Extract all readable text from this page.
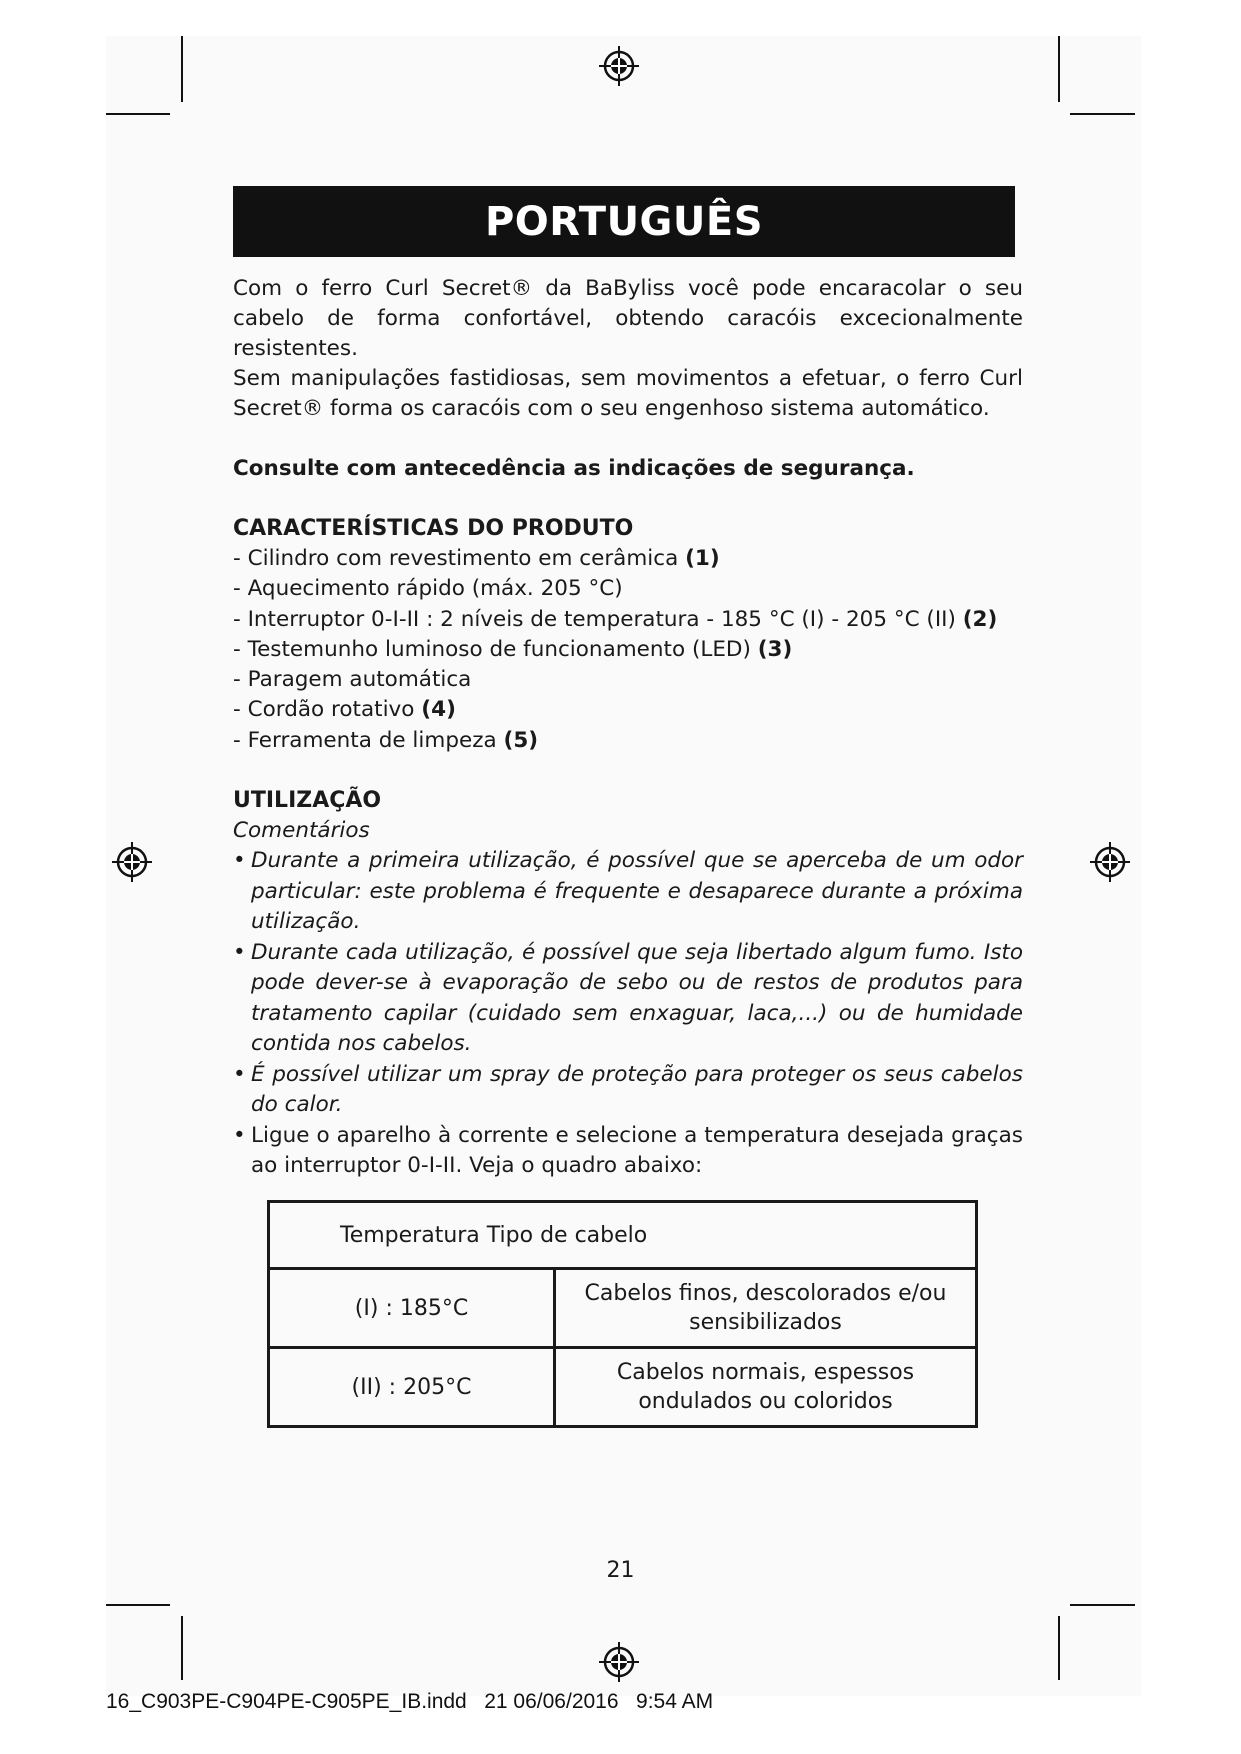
PORTUGUÊS

Com o ferro Curl Secret® da BaByliss você pode encaracolar o seu cabelo de forma confortável, obtendo caracóis excecionalmente resistentes.

Sem manipulações fastidiosas, sem movimentos a efetuar, o ferro Curl Secret® forma os caracóis com o seu engenhoso sistema automático.

Consulte com antecedência as indicações de segurança.
CARACTERÍSTICAS DO PRODUTO
- Cilindro com revestimento em cerâmica (1)
- Aquecimento rápido (máx. 205 °C)
- Interruptor 0-I-II : 2 níveis de temperatura - 185 °C (I) - 205 °C (II) (2)
- Testemunho luminoso de funcionamento (LED) (3)
- Paragem automática
- Cordão rotativo (4)
- Ferramenta de limpeza (5)
UTILIZAÇÃO
Comentários
• Durante a primeira utilização, é possível que se aperceba de um odor particular: este problema é frequente e desaparece durante a próxima utilização.
• Durante cada utilização, é possível que seja libertado algum fumo. Isto pode dever-se à evaporação de sebo ou de restos de produtos para tratamento capilar (cuidado sem enxaguar, laca,...) ou de humidade contida nos cabelos.
• É possível utilizar um spray de proteção para proteger os seus cabelos do calor.
• Ligue o aparelho à corrente e selecione a temperatura desejada graças ao interruptor 0-I-II. Veja o quadro abaixo:
Temperatura Tipo de cabelo	
(I) : 185°C	Cabelos finos, descolorados e/ou sensibilizados
(II) : 205°C	Cabelos normais, espessos ondulados ou coloridos
21
16_C903PE-C904PE-C905PE_IB.indd   21 06/06/2016   9:54 AM
